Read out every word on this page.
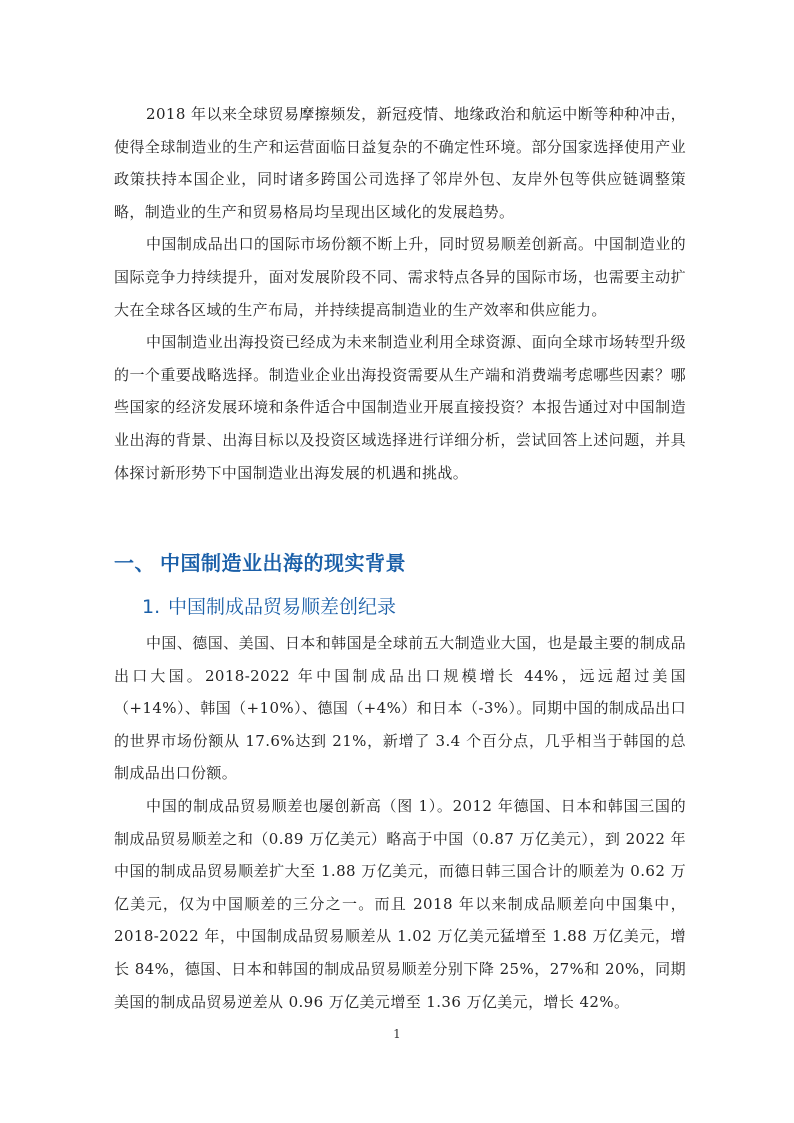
2018 年以来全球贸易摩擦频发，新冠疫情、地缘政治和航运中断等种种冲击，使得全球制造业的生产和运营面临日益复杂的不确定性环境。部分国家选择使用产业政策扶持本国企业，同时诸多跨国公司选择了邻岸外包、友岸外包等供应链调整策略，制造业的生产和贸易格局均呈现出区域化的发展趋势。

中国制成品出口的国际市场份额不断上升，同时贸易顺差创新高。中国制造业的国际竞争力持续提升，面对发展阶段不同、需求特点各异的国际市场，也需要主动扩大在全球各区域的生产布局，并持续提高制造业的生产效率和供应能力。

中国制造业出海投资已经成为未来制造业利用全球资源、面向全球市场转型升级的一个重要战略选择。制造业企业出海投资需要从生产端和消费端考虑哪些因素？哪些国家的经济发展环境和条件适合中国制造业开展直接投资？本报告通过对中国制造业出海的背景、出海目标以及投资区域选择进行详细分析，尝试回答上述问题，并具体探讨新形势下中国制造业出海发展的机遇和挑战。

一、 中国制造业出海的现实背景
1. 中国制成品贸易顺差创纪录

中国、德国、美国、日本和韩国是全球前五大制造业大国，也是最主要的制成品出口大国。2018-2022 年中国制成品出口规模增长 44%，远远超过美国（+14%）、韩国（+10%）、德国（+4%）和日本（-3%）。同期中国的制成品出口的世界市场份额从 17.6%达到 21%，新增了 3.4 个百分点，几乎相当于韩国的总制成品出口份额。

中国的制成品贸易顺差也屡创新高（图 1）。2012 年德国、日本和韩国三国的制成品贸易顺差之和（0.89 万亿美元）略高于中国（0.87 万亿美元），到 2022 年中国的制成品贸易顺差扩大至 1.88 万亿美元，而德日韩三国合计的顺差为 0.62 万亿美元，仅为中国顺差的三分之一。而且 2018 年以来制成品顺差向中国集中，2018-2022 年，中国制成品贸易顺差从 1.02 万亿美元猛增至 1.88 万亿美元，增长 84%，德国、日本和韩国的制成品贸易顺差分别下降 25%，27%和 20%，同期美国的制成品贸易逆差从 0.96 万亿美元增至 1.36 万亿美元，增长 42%。

1
